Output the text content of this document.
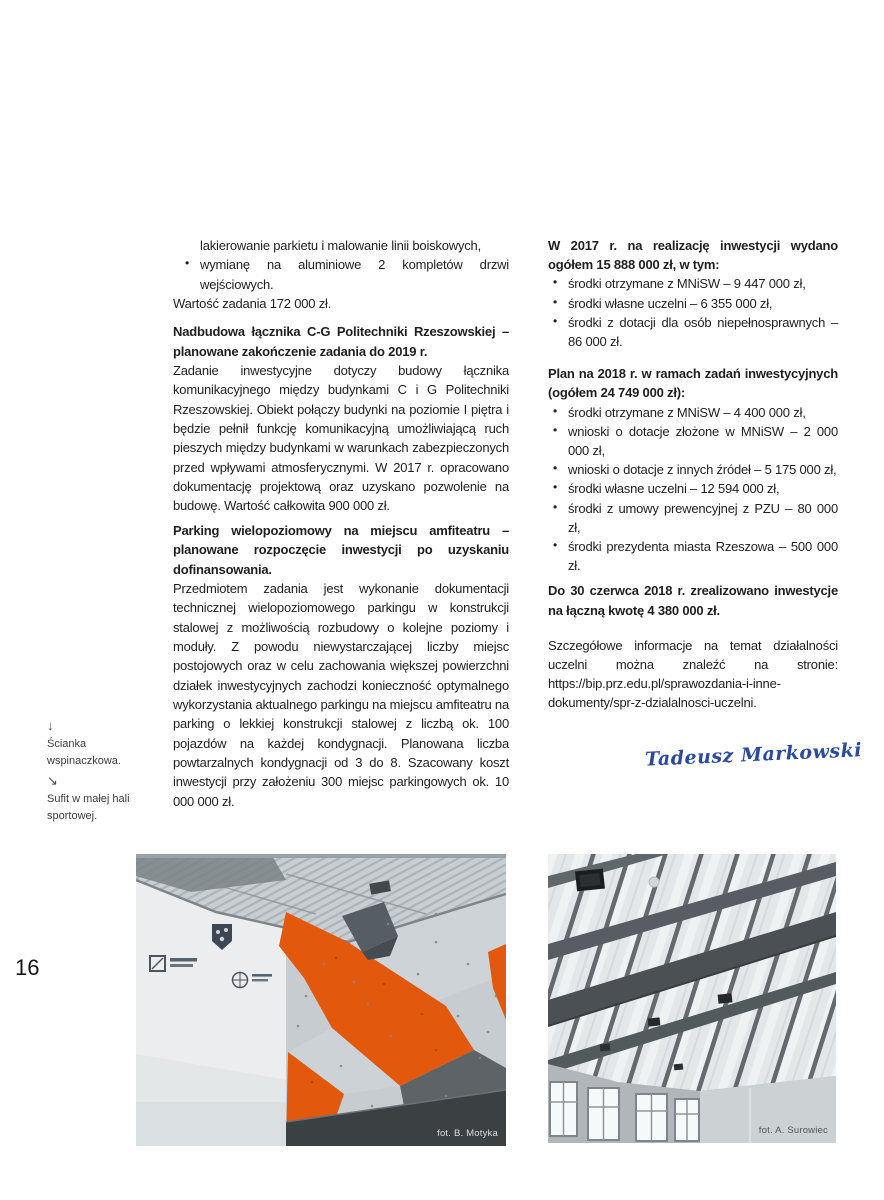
16
↓
Ścianka wspinaczkowa.
↘
Sufit w małej hali sportowej.
lakierowanie parkietu i malowanie linii boiskowych,
• wymianę na aluminiowe 2 kompletów drzwi wejściowych.
Wartość zadania 172 000 zł.
Nadbudowa łącznika C-G Politechniki Rzeszowskiej – planowane zakończenie zadania do 2019 r.
Zadanie inwestycyjne dotyczy budowy łącznika komunikacyjnego między budynkami C i G Politechniki Rzeszowskiej. Obiekt połączy budynki na poziomie I piętra i będzie pełnił funkcję komunikacyjną umożliwiającą ruch pieszych między budynkami w warunkach zabezpieczonych przed wpływami atmosferycznymi. W 2017 r. opracowano dokumentację projektową oraz uzyskano pozwolenie na budowę. Wartość całkowita 900 000 zł.
Parking wielopoziomowy na miejscu amfiteatru – planowane rozpoczęcie inwestycji po uzyskaniu dofinansowania.
Przedmiotem zadania jest wykonanie dokumentacji technicznej wielopoziomowego parkingu w konstrukcji stalowej z możliwością rozbudowy o kolejne poziomy i moduły. Z powodu niewystarczającej liczby miejsc postojowych oraz w celu zachowania większej powierzchni działek inwestycyjnych zachodzi konieczność optymalnego wykorzystania aktualnego parkingu na miejscu amfiteatru na parking o lekkiej konstrukcji stalowej z liczbą ok. 100 pojazdów na każdej kondygnacji. Planowana liczba powtarzalnych kondygnacji od 3 do 8. Szacowany koszt inwestycji przy założeniu 300 miejsc parkingowych ok. 10 000 000 zł.
W 2017 r. na realizację inwestycji wydano ogółem 15 888 000 zł, w tym:
• środki otrzymane z MNiSW – 9 447 000 zł,
• środki własne uczelni – 6 355 000 zł,
• środki z dotacji dla osób niepełnosprawnych – 86 000 zł.
Plan na 2018 r. w ramach zadań inwestycyjnych (ogółem 24 749 000 zł):
• środki otrzymane z MNiSW – 4 400 000 zł,
• wnioski o dotacje złożone w MNiSW – 2 000 000 zł,
• wnioski o dotacje z innych źródeł – 5 175 000 zł,
• środki własne uczelni – 12 594 000 zł,
• środki z umowy prewencyjnej z PZU – 80 000 zł,
• środki prezydenta miasta Rzeszowa – 500 000 zł.
Do 30 czerwca 2018 r. zrealizowano inwestycje na łączną kwotę 4 380 000 zł.
Szczegółowe informacje na temat działalności uczelni można znaleźć na stronie: https://bip.prz.edu.pl/sprawozdania-i-inne-dokumenty/spr-z-dzialalnosci-uczelni.
Tadeusz Markowski
fot. B. Motyka	fot. A. Surowiec
